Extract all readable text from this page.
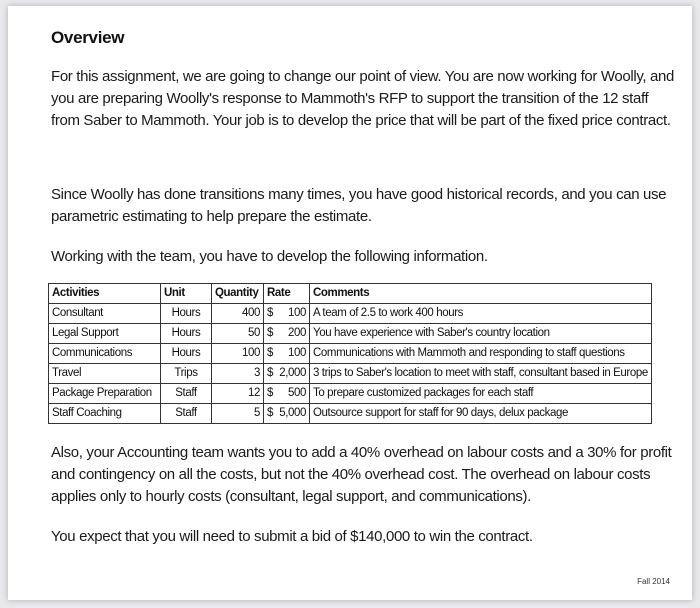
Overview
For this assignment, we are going to change our point of view. You are now working for Woolly, and you are preparing Woolly's response to Mammoth's RFP to support the transition of the 12 staff from Saber to Mammoth. Your job is to develop the price that will be part of the fixed price contract.
Since Woolly has done transitions many times, you have good historical records, and you can use parametric estimating to help prepare the estimate.
Working with the team, you have to develop the following information.
Activities	Unit	Quantity	Rate	Comments
Consultant	Hours	400	$ 100	A team of 2.5 to work 400 hours
Legal Support	Hours	50	$ 200	You have experience with Saber's country location
Communications	Hours	100	$ 100	Communications with Mammoth and responding to staff questions
Travel	Trips	3	$ 2,000	3 trips to Saber's location to meet with staff, consultant based in Europe
Package Preparation	Staff	12	$ 500	To prepare customized packages for each staff
Staff Coaching	Staff	5	$ 5,000	Outsource support for staff for 90 days, delux package
Also, your Accounting team wants you to add a 40% overhead on labour costs and a 30% for profit and contingency on all the costs, but not the 40% overhead cost. The overhead on labour costs applies only to hourly costs (consultant, legal support, and communications).
You expect that you will need to submit a bid of $140,000 to win the contract.
Fall 2014
